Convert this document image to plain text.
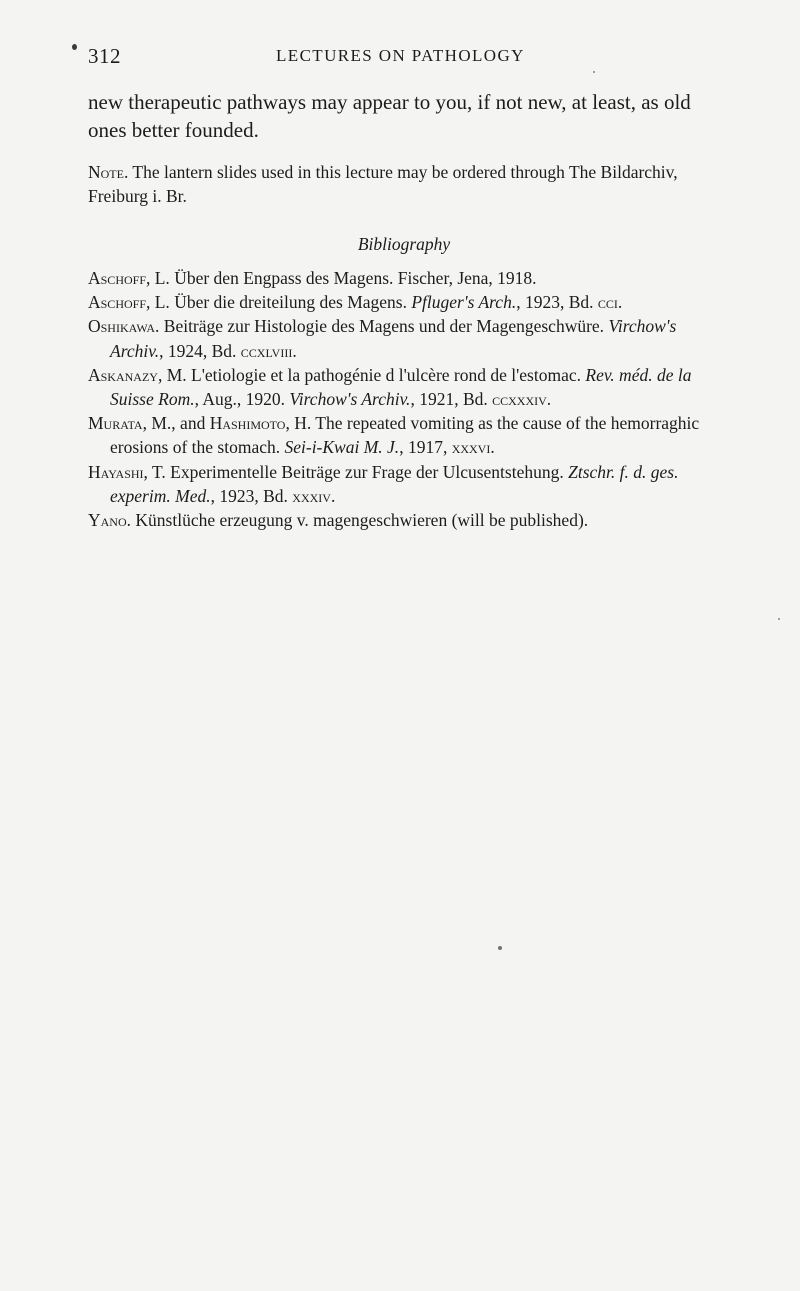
312	LECTURES ON PATHOLOGY

new therapeutic pathways may appear to you, if not new, at least, as old ones better founded.

Note. The lantern slides used in this lecture may be ordered through The Bildarchiv, Freiburg i. Br.

Bibliography
Aschoff, L. Über den Engpass des Magens. Fischer, Jena, 1918.
Aschoff, L. Über die dreiteilung des Magens. Pfluger's Arch., 1923, Bd. cci.
Oshikawa. Beiträge zur Histologie des Magens und der Magengeschwüre. Virchow's Archiv., 1924, Bd. ccxlviii.
Askanazy, M. L'etiologie et la pathogénie d l'ulcère rond de l'estomac. Rev. méd. de la Suisse Rom., Aug., 1920. Virchow's Archiv., 1921, Bd. ccxxxiv.
Murata, M., and Hashimoto, H. The repeated vomiting as the cause of the hemorraghic erosions of the stomach. Sei-i-Kwai M. J., 1917, xxxvi.
Hayashi, T. Experimentelle Beiträge zur Frage der Ulcusentstehung. Ztschr. f. d. ges. experim. Med., 1923, Bd. xxxiv.
Yano. Künstlüche erzeugung v. magengeschwieren (will be published).
